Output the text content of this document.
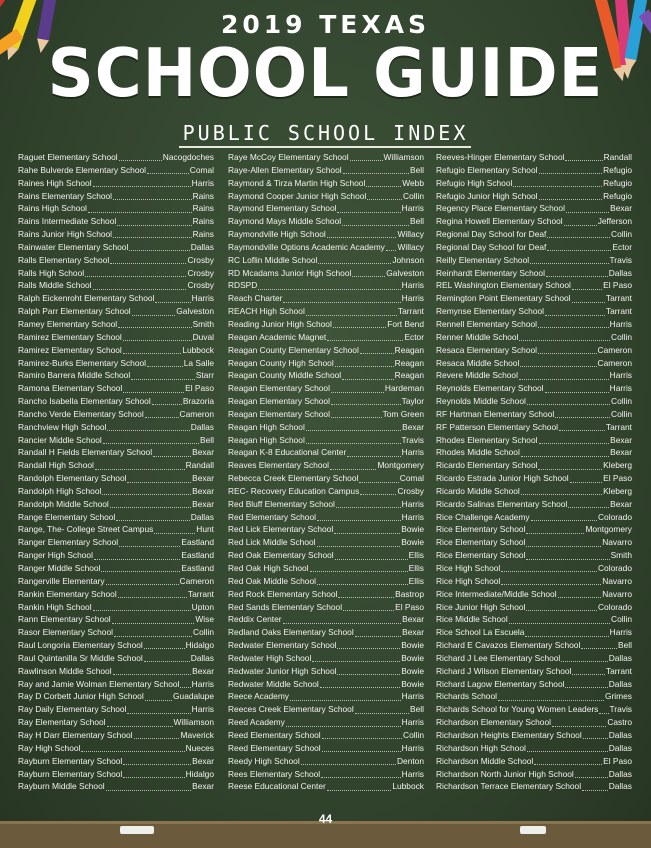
2019 TEXAS
SCHOOL GUIDE
PUBLIC SCHOOL INDEX
Raguet Elementary School	Nacogdoches
Rahe Bulverde Elementary School	Comal
Raines High School	Harris
Rains Elementary School	Rains
Rains High School	Rains
Rains Intermediate School	Rains
Rains Junior High School	Rains
Rainwater Elementary School	Dallas
Ralls Elementary School	Crosby
Ralls High School	Crosby
Ralls Middle School	Crosby
Ralph Eickenroht Elementary School	Harris
Ralph Parr Elementary School	Galveston
Ramey Elementary School	Smith
Ramirez Elementary School	Duval
Ramirez Elementary School	Lubbock
Ramirez-Burks Elementary School	La Salle
Ramiro Barrera Middle School	Starr
Ramona Elementary School	El Paso
Rancho Isabella Elementary School	Brazoria
Rancho Verde Elementary School	Cameron
Ranchview High School	Dallas
Rancier Middle School	Bell
Randall H Fields Elementary School	Bexar
Randall High School	Randall
Randolph Elementary School	Bexar
Randolph High School	Bexar
Randolph Middle School	Bexar
Range Elementary School	Dallas
Range, The- College Street Campus	Hunt
Ranger Elementary School	Eastland
Ranger High School	Eastland
Ranger Middle School	Eastland
Rangerville Elementary	Cameron
Rankin Elementary School	Tarrant
Rankin High School	Upton
Rann Elementary School	Wise
Rasor Elementary School	Collin
Raul Longoria Elementary School	Hidalgo
Raul Quintanilla Sr Middle School	Dallas
Rawlinson Middle School	Bexar
Ray and Jamie Wolman Elementary School Harris
Ray D Corbett Junior High School	Guadalupe
Ray Daily Elementary School	Harris
Ray Elementary School	Williamson
Ray H Darr Elementary School	Maverick
Ray High School	Nueces
Rayburn Elementary School	Bexar
Rayburn Elementary School	Hidalgo
Rayburn Middle School	Bexar
Raye McCoy Elementary School	Williamson
Raye-Allen Elementary School	Bell
Raymond & Tirza Martin High School	Webb
Raymond Cooper Junior High School	Collin
Raymond Elementary School	Harris
Raymond Mays Middle School	Bell
Raymondville High School	Willacy
Raymondville Options Academic Academy Willacy
RC Loflin Middle School	Johnson
RD Mcadams Junior High School	Galveston
RDSPD	Harris
Reach Charter	Harris
REACH High School	Tarrant
Reading Junior High School	Fort Bend
Reagan Academic Magnet	Ector
Reagan County Elementary School	Reagan
Reagan County High School	Reagan
Reagan County Middle School	Reagan
Reagan Elementary School	Hardeman
Reagan Elementary School	Taylor
Reagan Elementary School	Tom Green
Reagan High School	Bexar
Reagan High School	Travis
Reagan K-8 Educational Center	Harris
Reaves Elementary School	Montgomery
Rebecca Creek Elementary School	Comal
REC- Recovery Education Campus	Crosby
Red Bluff Elementary School	Harris
Red Elementary School	Harris
Red Lick Elementary School	Bowie
Red Lick Middle School	Bowie
Red Oak Elementary School	Ellis
Red Oak High School	Ellis
Red Oak Middle School	Ellis
Red Rock Elementary School	Bastrop
Red Sands Elementary School	El Paso
Reddix Center	Bexar
Redland Oaks Elementary School	Bexar
Redwater Elementary School	Bowie
Redwater High School	Bowie
Redwater Junior High School	Bowie
Redwater Middle School	Bowie
Reece Academy	Harris
Reeces Creek Elementary School	Bell
Reed Academy	Harris
Reed Elementary School	Collin
Reed Elementary School	Harris
Reedy High School	Denton
Rees Elementary School	Harris
Reese Educational Center	Lubbock
Reeves-Hinger Elementary School	Randall
Refugio Elementary School	Refugio
Refugio High School	Refugio
Refugio Junior High School	Refugio
Regency Place Elementary School	Bexar
Regina Howell Elementary School	Jefferson
Regional Day School for Deaf	Collin
Regional Day School for Deaf	Ector
Reilly Elementary School	Travis
Reinhardt Elementary School	Dallas
REL Washington Elementary School	El Paso
Remington Point Elementary School	Tarrant
Remynse Elementary School	Tarrant
Rennell Elementary School	Harris
Renner Middle School	Collin
Resaca Elementary School	Cameron
Resaca Middle School	Cameron
Revere Middle School	Harris
Reynolds Elementary School	Harris
Reynolds Middle School	Collin
RF Hartman Elementary School	Collin
RF Patterson Elementary School	Tarrant
Rhodes Elementary School	Bexar
Rhodes Middle School	Bexar
Ricardo Elementary School	Kleberg
Ricardo Estrada Junior High School	El Paso
Ricardo Middle School	Kleberg
Ricardo Salinas Elementary School	Bexar
Rice Challenge Academy	Colorado
Rice Elementary School	Montgomery
Rice Elementary School	Navarro
Rice Elementary School	Smith
Rice High School	Colorado
Rice High School	Navarro
Rice Intermediate/Middle School	Navarro
Rice Junior High School	Colorado
Rice Middle School	Collin
Rice School La Escuela	Harris
Richard E Cavazos Elementary School	Bell
Richard J Lee Elementary School	Dallas
Richard J Wilson Elementary School	Tarrant
Richard Lagow Elementary School	Dallas
Richards School	Grimes
Richards School for Young Women Leaders Travis
Richardson Elementary School	Castro
Richardson Heights Elementary School	Dallas
Richardson High School	Dallas
Richardson Middle School	El Paso
Richardson North Junior High School	Dallas
Richardson Terrace Elementary School	Dallas
44
